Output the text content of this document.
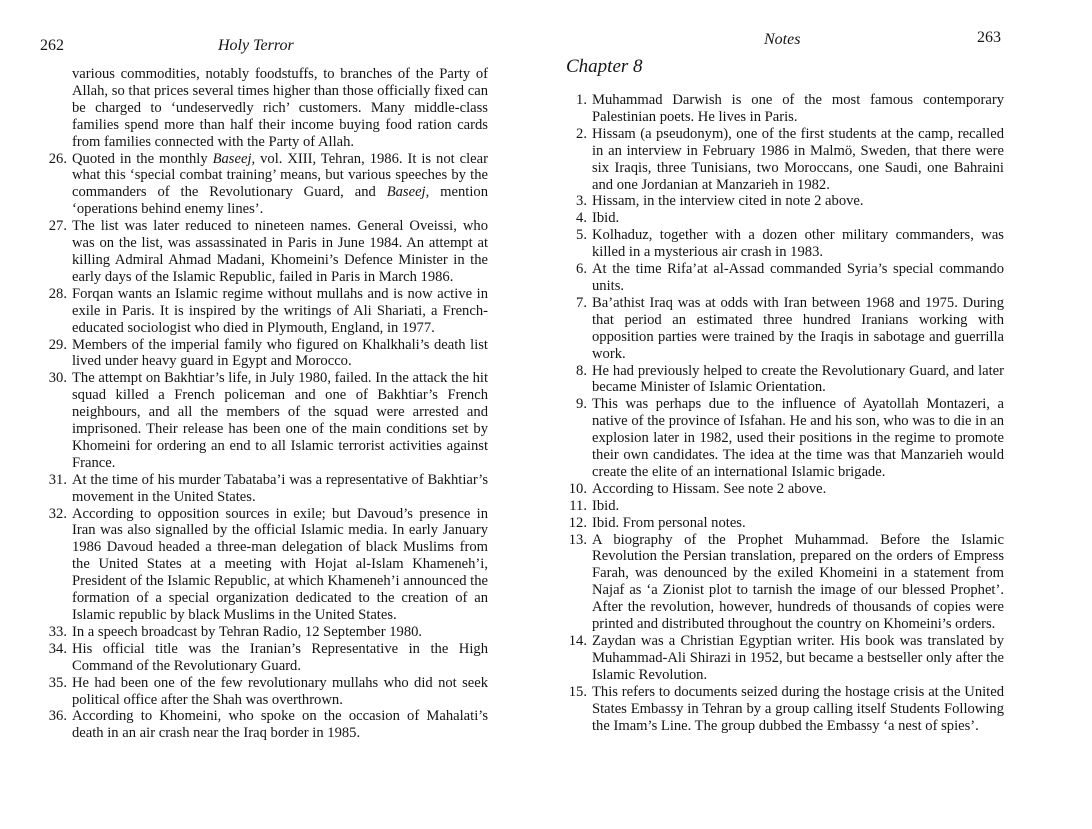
262	Holy Terror
various commodities, notably foodstuffs, to branches of the Party of Allah, so that prices several times higher than those officially fixed can be charged to ‘undeservedly rich’ customers. Many middle-class families spend more than half their income buying food ration cards from families connected with the Party of Allah.
26. Quoted in the monthly Baseej, vol. XIII, Tehran, 1986. It is not clear what this ‘special combat training’ means, but various speeches by the commanders of the Revolutionary Guard, and Baseej, mention ‘operations behind enemy lines’.
27. The list was later reduced to nineteen names. General Oveissi, who was on the list, was assassinated in Paris in June 1984. An attempt at killing Admiral Ahmad Madani, Khomeini’s Defence Minister in the early days of the Islamic Republic, failed in Paris in March 1986.
28. Forqan wants an Islamic regime without mullahs and is now active in exile in Paris. It is inspired by the writings of Ali Shariati, a French-educated sociologist who died in Plymouth, England, in 1977.
29. Members of the imperial family who figured on Khalkhali’s death list lived under heavy guard in Egypt and Morocco.
30. The attempt on Bakhtiar’s life, in July 1980, failed. In the attack the hit squad killed a French policeman and one of Bakhtiar’s French neighbours, and all the members of the squad were arrested and imprisoned. Their release has been one of the main conditions set by Khomeini for ordering an end to all Islamic terrorist activities against France.
31. At the time of his murder Tabataba’i was a representative of Bakhtiar’s movement in the United States.
32. According to opposition sources in exile; but Davoud’s presence in Iran was also signalled by the official Islamic media. In early January 1986 Davoud headed a three-man delegation of black Muslims from the United States at a meeting with Hojat al-Islam Khameneh’i, President of the Islamic Republic, at which Khameneh’i announced the formation of a special organization dedicated to the creation of an Islamic republic by black Muslims in the United States.
33. In a speech broadcast by Tehran Radio, 12 September 1980.
34. His official title was the Iranian’s Representative in the High Command of the Revolutionary Guard.
35. He had been one of the few revolutionary mullahs who did not seek political office after the Shah was overthrown.
36. According to Khomeini, who spoke on the occasion of Mahalati’s death in an air crash near the Iraq border in 1985.
Notes	263
Chapter 8
1. Muhammad Darwish is one of the most famous contemporary Palestinian poets. He lives in Paris.
2. Hissam (a pseudonym), one of the first students at the camp, recalled in an interview in February 1986 in Malmö, Sweden, that there were six Iraqis, three Tunisians, two Moroccans, one Saudi, one Bahraini and one Jordanian at Manzarieh in 1982.
3. Hissam, in the interview cited in note 2 above.
4. Ibid.
5. Kolhaduz, together with a dozen other military commanders, was killed in a mysterious air crash in 1983.
6. At the time Rifa’at al-Assad commanded Syria’s special commando units.
7. Ba’athist Iraq was at odds with Iran between 1968 and 1975. During that period an estimated three hundred Iranians working with opposition parties were trained by the Iraqis in sabotage and guerrilla work.
8. He had previously helped to create the Revolutionary Guard, and later became Minister of Islamic Orientation.
9. This was perhaps due to the influence of Ayatollah Montazeri, a native of the province of Isfahan. He and his son, who was to die in an explosion later in 1982, used their positions in the regime to promote their own candidates. The idea at the time was that Manzarieh would create the elite of an international Islamic brigade.
10. According to Hissam. See note 2 above.
11. Ibid.
12. Ibid. From personal notes.
13. A biography of the Prophet Muhammad. Before the Islamic Revolution the Persian translation, prepared on the orders of Empress Farah, was denounced by the exiled Khomeini in a statement from Najaf as ‘a Zionist plot to tarnish the image of our blessed Prophet’. After the revolution, however, hundreds of thousands of copies were printed and distributed throughout the country on Khomeini’s orders.
14. Zaydan was a Christian Egyptian writer. His book was translated by Muhammad-Ali Shirazi in 1952, but became a bestseller only after the Islamic Revolution.
15. This refers to documents seized during the hostage crisis at the United States Embassy in Tehran by a group calling itself Students Following the Imam’s Line. The group dubbed the Embassy ‘a nest of spies’.
